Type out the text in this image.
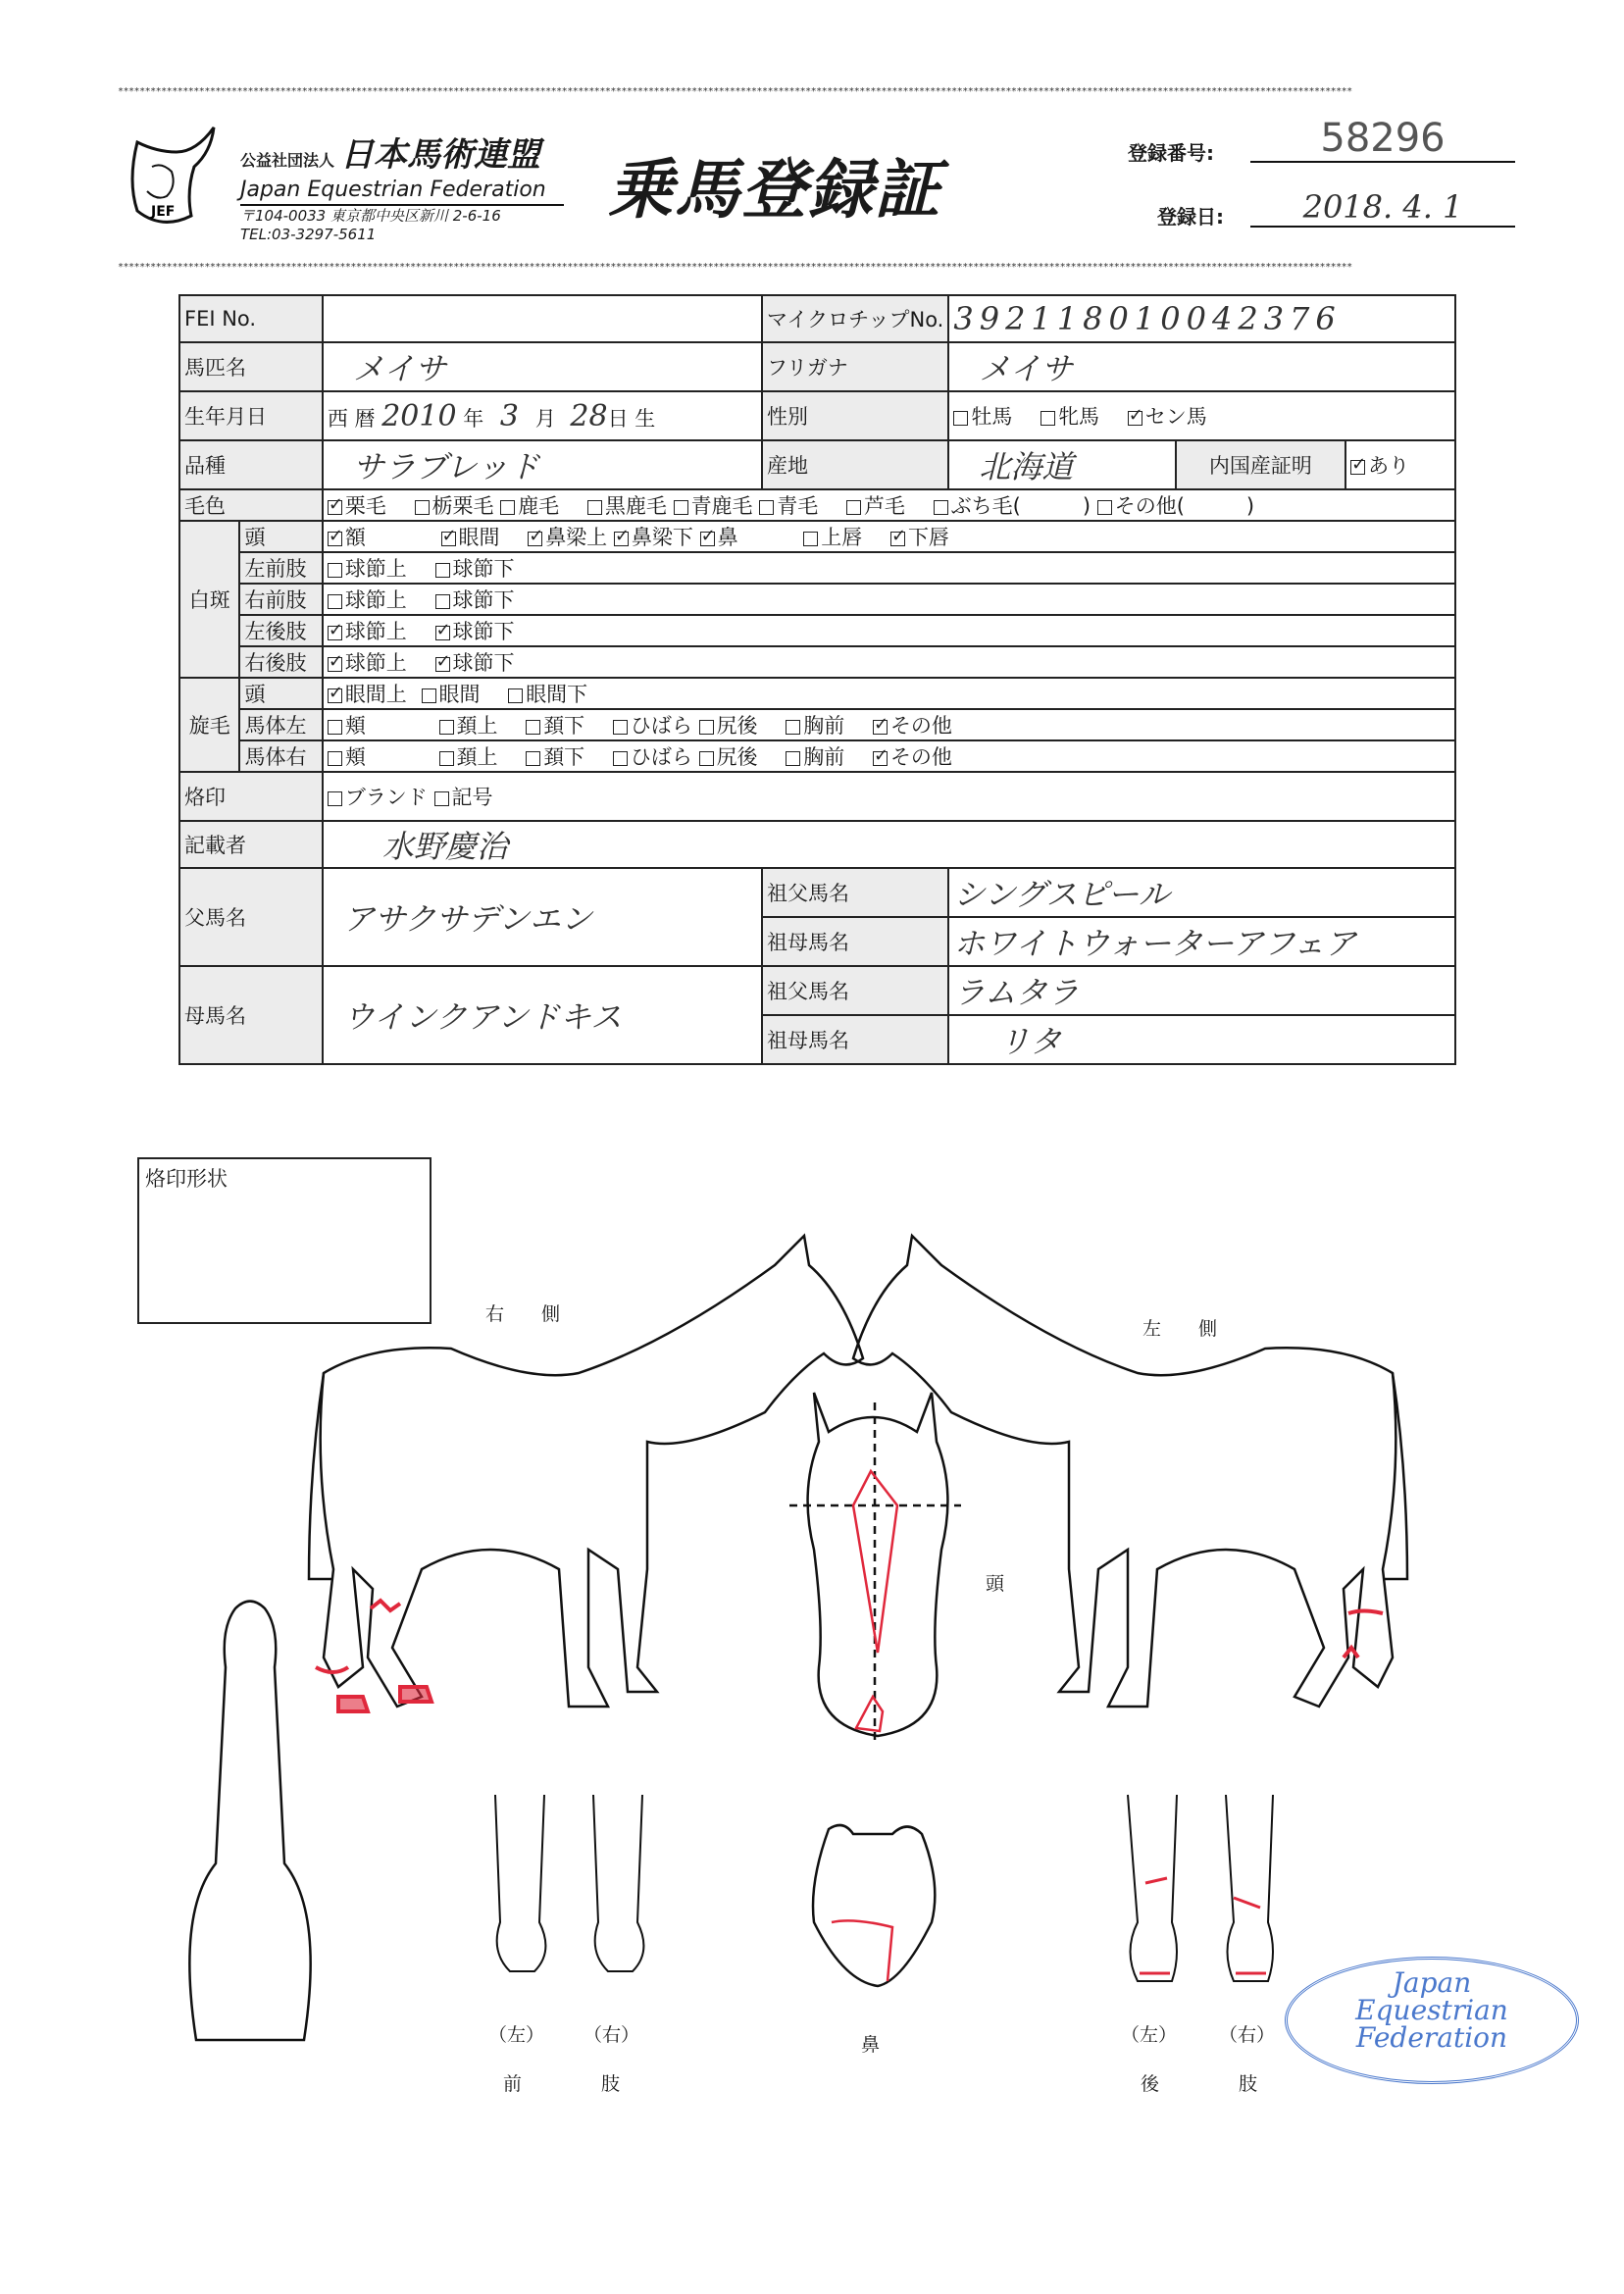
************************************************************************************************************************************************************************************************************************************
JEF
公益社団法人 日本馬術連盟
Japan Equestrian Federation
〒104-0033 東京都中央区新川 2-6-16
TEL:03-3297-5611
乗馬登録証	登録番号:	58296
登録日:	2018. 4. 1
************************************************************************************************************************************************************************************************************************************
FEI No.			マイクロチップNo.	392118010042376		
馬匹名		メイサ	フリガナ	メイサ		
生年月日		西 暦 2010 年 3 月 28日 生	性別	牡馬 牝馬 ✓ セン馬
品種		サラブレッド	産地	北海道	内国産証明	✓あり
毛色	✓栗毛 栃栗毛 鹿毛 黒鹿毛 青鹿毛 青毛 芦毛 ぶち毛(　　　) その他(　　　)
白斑	頭	✓額 ✓ 眼間 ✓ 鼻梁上 ✓ 鼻梁下 ✓ 鼻 上唇 ✓ 下唇
	左前肢	球節上 球節下				
	右前肢	球節上 球節下				
	左後肢	✓球節上 ✓ 球節下
	右後肢	✓球節上 ✓ 球節下
旋毛	頭	✓眼間上 眼間 眼間下
	馬体左	頬 頚上 頚下 ひばら 尻後 胸前 ✓ その他
	馬体右	頬 頚上 頚下 ひばら 尻後 胸前 ✓ その他
烙印		ブランド 記号				
記載者		水野慶治				
父馬名		アサクサデンエン	祖父馬名	シングスピール		
			祖母馬名	ホワイトウォーターアフェア		
母馬名		ウインクアンドキス	祖父馬名	ラムタラ		
			祖母馬名	リタ		
烙印形状
右　　側
左　　側
頭
鼻
（左） （右）
前	肢
（左） （右）
後	肢
Japan
Equestrian
Federation
